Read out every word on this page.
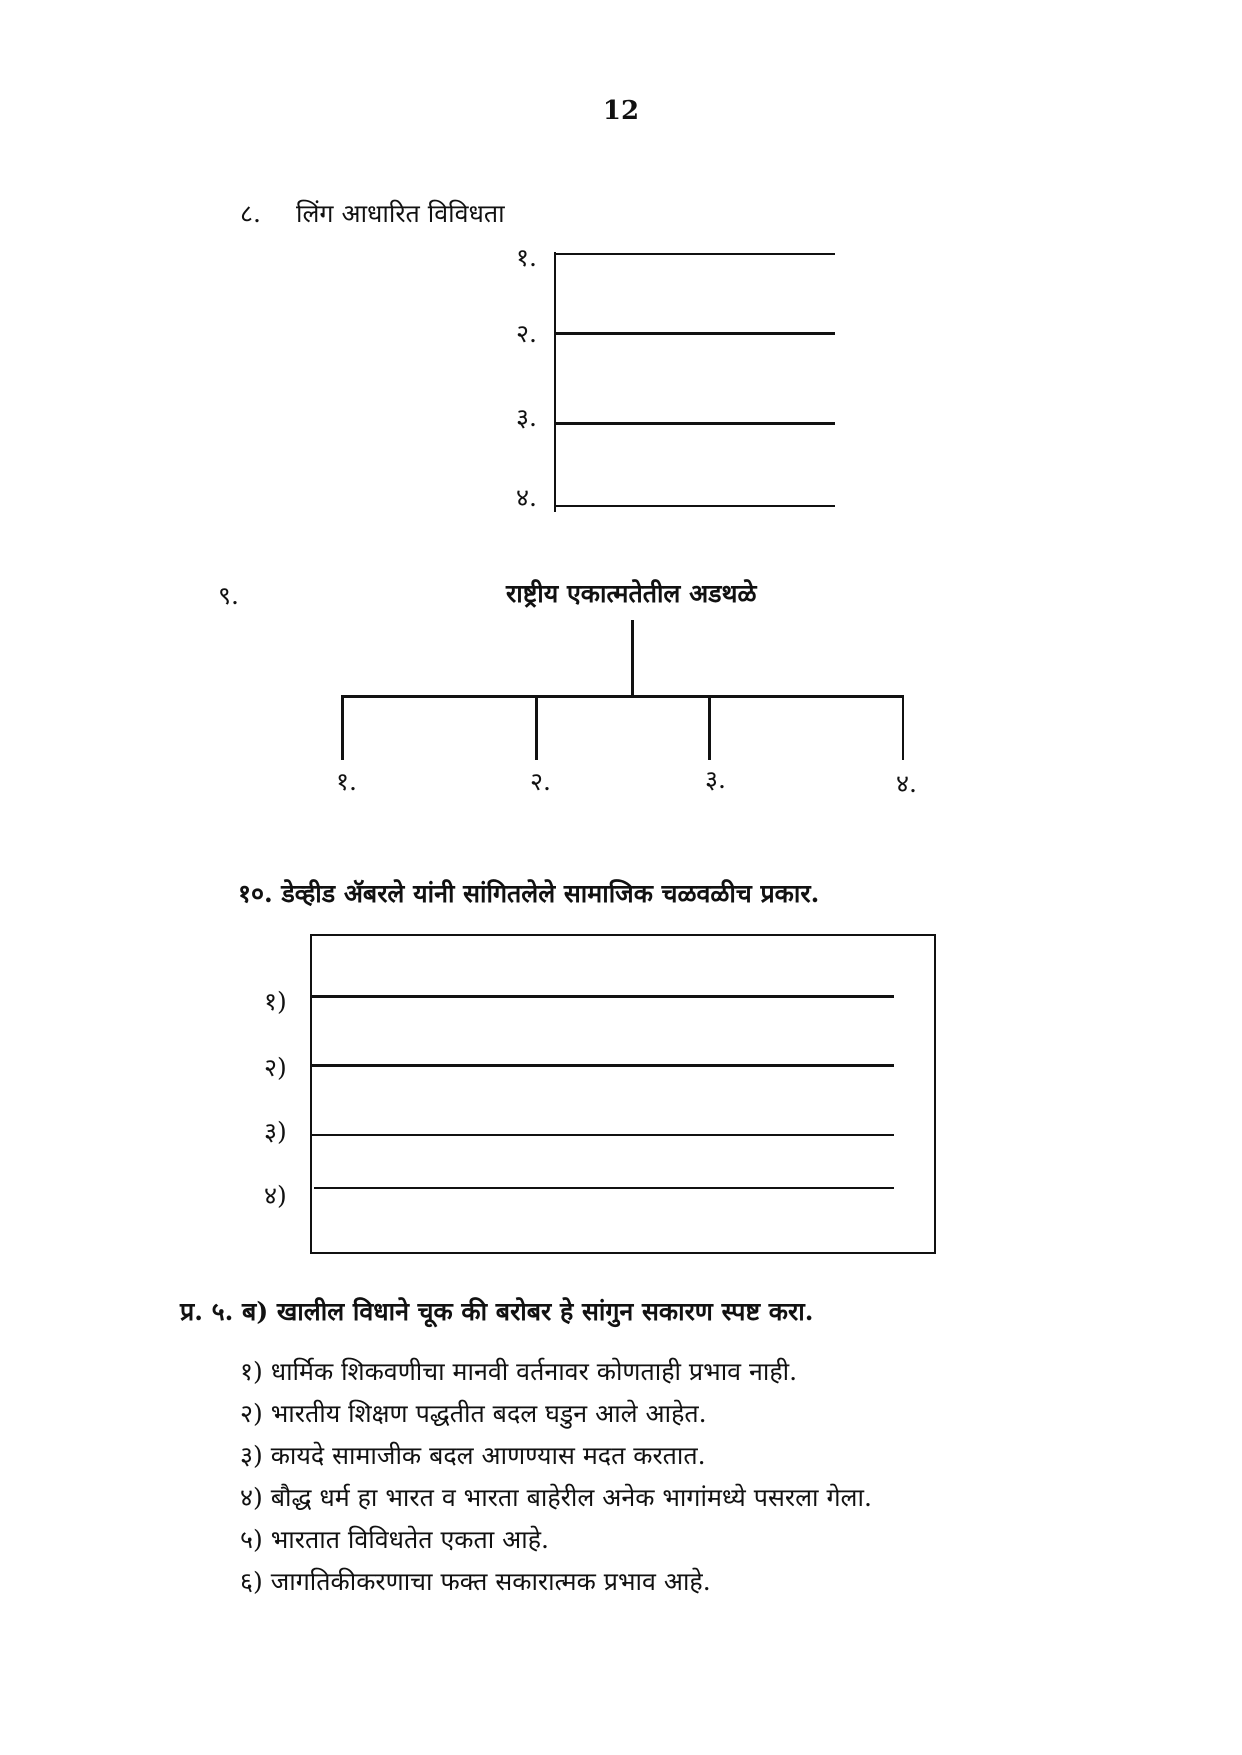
12
८. लिंग आधारित विविधता
१.
२.
३.
४.
९.	राष्ट्रीय एकात्मतेतील अडथळे
१.	२.	३.	४.
१०. डेव्हीड ॲबरले यांनी सांगितलेले सामाजिक चळवळीच प्रकार.
१)
२)
३)
४)
प्र. ५. ब) खालील विधाने चूक की बरोबर हे सांगुन सकारण स्पष्ट करा.
१) धार्मिक शिकवणीचा मानवी वर्तनावर कोणताही प्रभाव नाही.
२) भारतीय शिक्षण पद्धतीत बदल घडुन आले आहेत.
३) कायदे सामाजीक बदल आणण्यास मदत करतात.
४) बौद्ध धर्म हा भारत व भारता बाहेरील अनेक भागांमध्ये पसरला गेला.
५) भारतात विविधतेत एकता आहे.
६) जागतिकीकरणाचा फक्त सकारात्मक प्रभाव आहे.
